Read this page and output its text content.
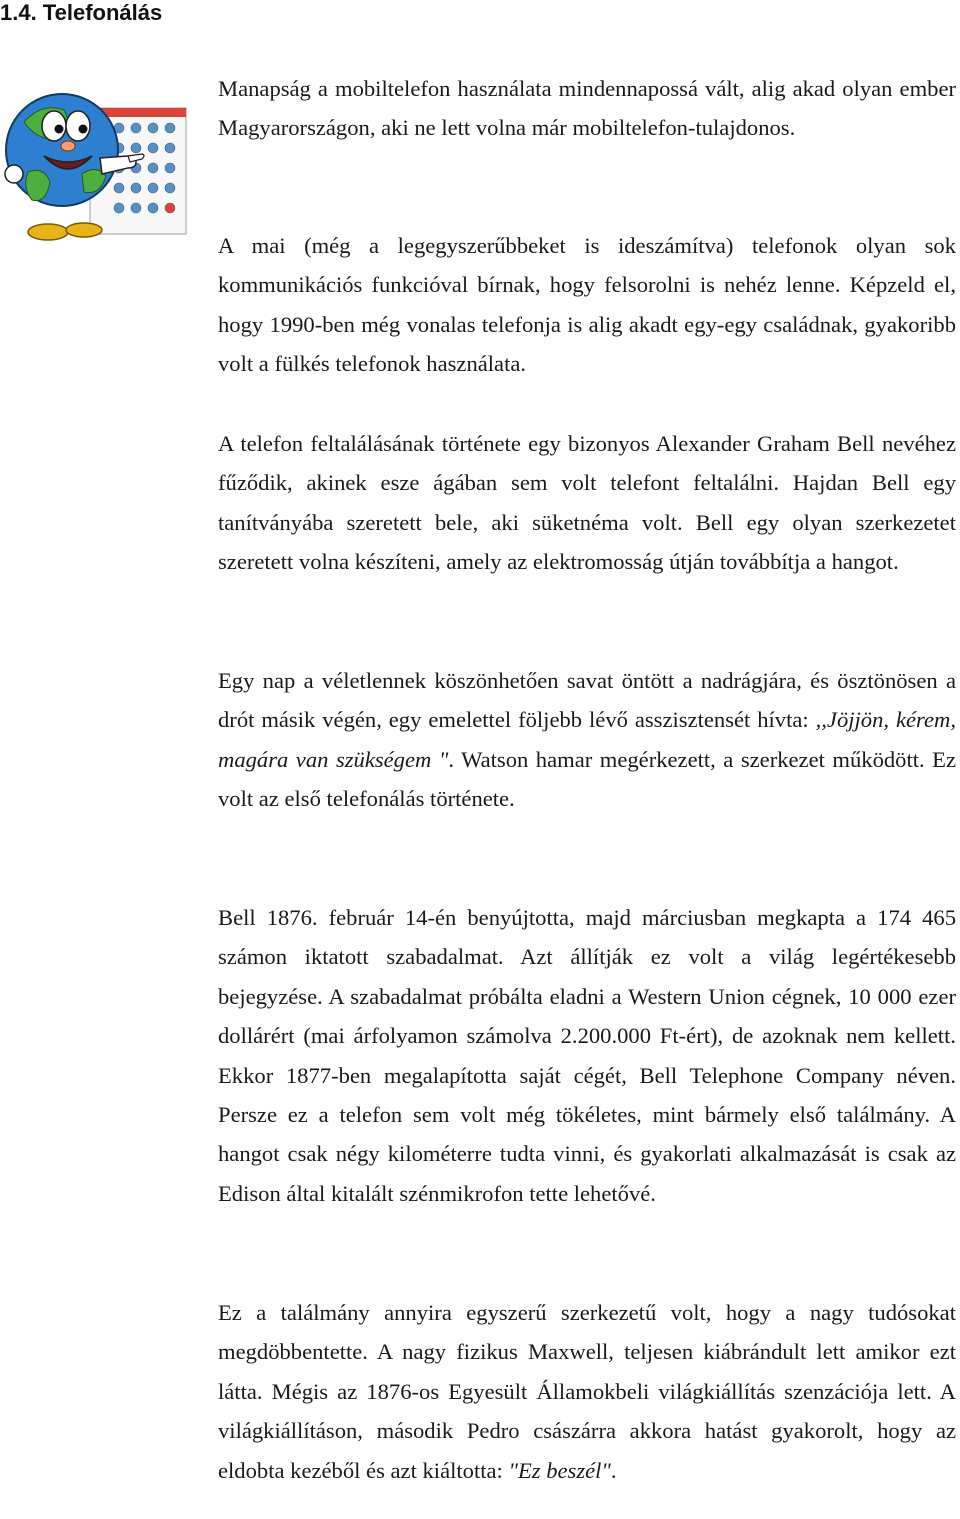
1.4. Telefonálás

Manapság a mobiltelefon használata mindennapossá vált, alig akad olyan ember Magyarországon, aki ne lett volna már mobiltelefon-tulajdonos.

A mai (még a legegyszerűbbeket is ideszámítva) telefonok olyan sok kommunikációs funkcióval bírnak, hogy felsorolni is nehéz lenne. Képzeld el, hogy 1990-ben még vonalas telefonja is alig akadt egy-egy családnak, gyakoribb volt a fülkés telefonok használata.

A telefon feltalálásának története egy bizonyos Alexander Graham Bell nevéhez fűződik, akinek esze ágában sem volt telefont feltalálni. Hajdan Bell egy tanítványába szeretett bele, aki süketnéma volt. Bell egy olyan szerkezetet szeretett volna készíteni, amely az elektromosság útján továbbítja a hangot.

Egy nap a véletlennek köszönhetően savat öntött a nadrágjára, és ösztönösen a drót másik végén, egy emelettel följebb lévő asszisztensét hívta: ,,Jöjjön, kérem, magára van szükségem ". Watson hamar megérkezett, a szerkezet működött. Ez volt az első telefonálás története.

Bell 1876. február 14-én benyújtotta, majd márciusban megkapta a 174 465 számon iktatott szabadalmat. Azt állítják ez volt a világ legértékesebb bejegyzése. A szabadalmat próbálta eladni a Western Union cégnek, 10 000 ezer dollárért (mai árfolyamon számolva 2.200.000 Ft-ért), de azoknak nem kellett. Ekkor 1877-ben megalapította saját cégét, Bell Telephone Company néven. Persze ez a telefon sem volt még tökéletes, mint bármely első találmány. A hangot csak négy kilométerre tudta vinni, és gyakorlati alkalmazását is csak az Edison által kitalált szénmikrofon tette lehetővé.

Ez a találmány annyira egyszerű szerkezetű volt, hogy a nagy tudósokat megdöbbentette. A nagy fizikus Maxwell, teljesen kiábrándult lett amikor ezt látta. Mégis az 1876-os Egyesült Államokbeli világkiállítás szenzációja lett. A világkiállításon, második Pedro császárra akkora hatást gyakorolt, hogy az eldobta kezéből és azt kiáltotta: "Ez beszél".
